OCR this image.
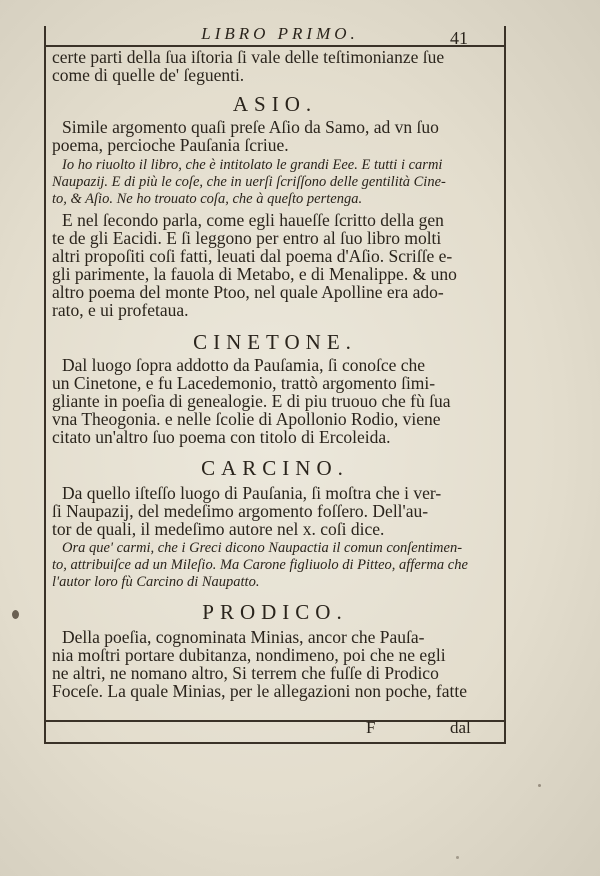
LIBRO PRIMO.	41
certe parti della ſua iſtoria ſi vale delle teſtimonianze ſue
come di quelle de' ſeguenti.
ASIO.
Simile argomento quaſi preſe Aſio da Samo, ad vn ſuo
poema, percioche Pauſania ſcriue.
Io ho riuolto il libro, che è intitolato le grandi Eee. E tutti i carmi
Naupazij. E di più le coſe, che in uerſi ſcriſſono delle gentilità Cine-
to, & Aſio. Ne ho trouato coſa, che à queſto pertenga.
E nel ſecondo parla, come egli haueſſe ſcritto della gen
te de gli Eacidi. E ſi leggono per entro al ſuo libro molti
altri propoſiti coſi fatti, leuati dal poema d'Aſio. Scriſſe e-
gli parimente, la fauola di Metabo, e di Menalippe. & uno
altro poema del monte Ptoo, nel quale Apolline era ado-
rato, e ui profetaua.
CINETONE.
Dal luogo ſopra addotto da Pauſamia, ſi conoſce che
un Cinetone, e fu Lacedemonio, trattò argomento ſimi-
gliante in poeſia di genealogie. E di piu truouo che fù ſua
vna Theogonia. e nelle ſcolie di Apollonio Rodio, viene
citato un'altro ſuo poema con titolo di Ercoleida.
CARCINO.
Da quello iſteſſo luogo di Pauſania, ſi moſtra che i ver-
ſi Naupazij, del medeſimo argomento foſſero. Dell'au-
tor de quali, il medeſimo autore nel x. coſi dice.
Ora que' carmi, che i Greci dicono Naupactia il comun conſentimen-
to, attribuiſce ad un Mileſio. Ma Carone figliuolo di Pitteo, afferma che
l'autor loro fù Carcino di Naupatto.
PRODICO.
Della poeſia, cognominata Minias, ancor che Pauſa-
nia moſtri portare dubitanza, nondimeno, poi che ne egli
ne altri, ne nomano altro, Si terrem che fuſſe di Prodico
Foceſe. La quale Minias, per le allegazioni non poche, fatte
F	dal
